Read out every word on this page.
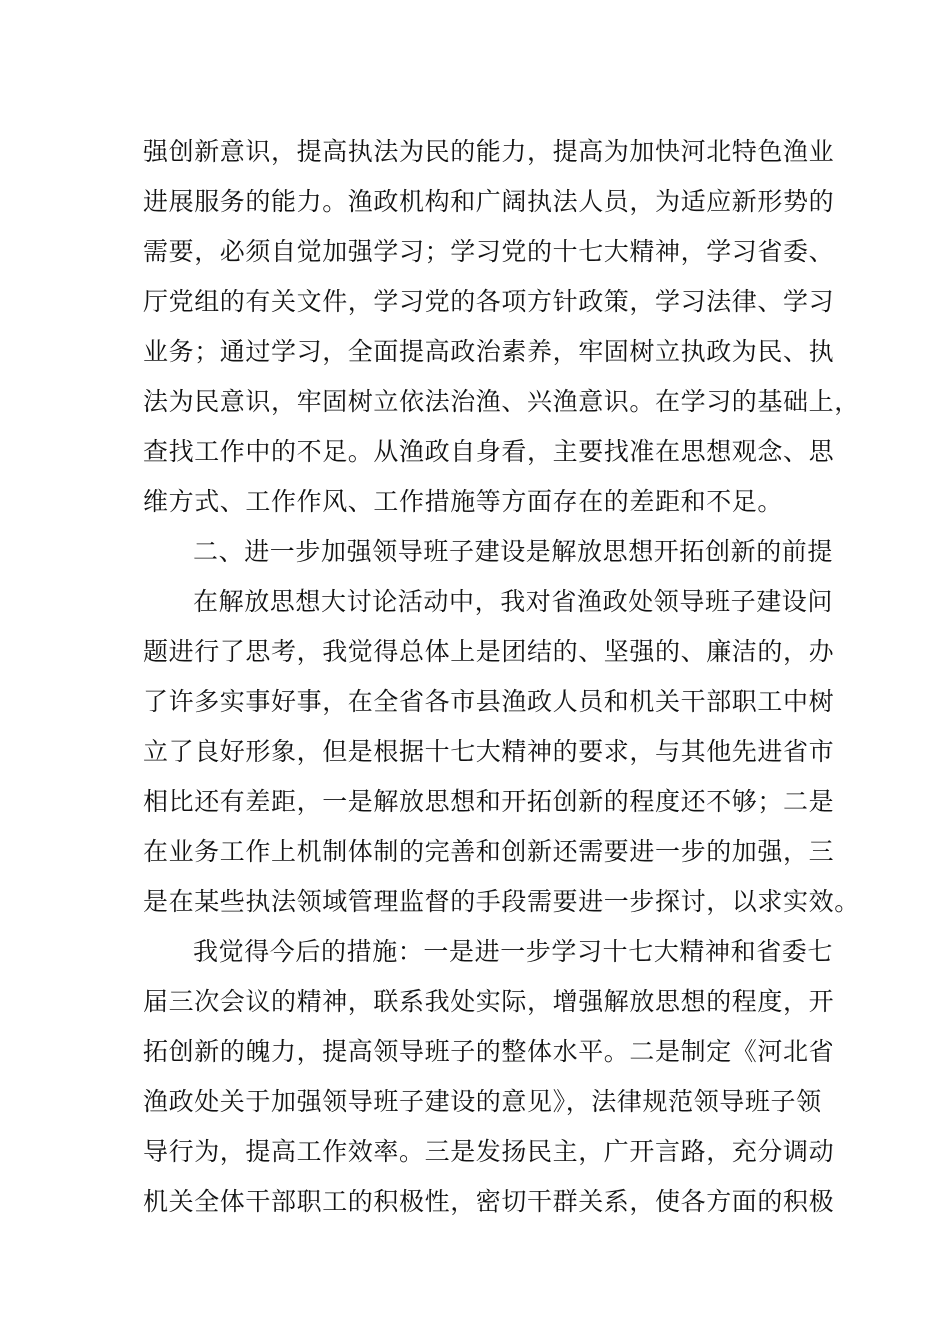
强创新意识，提高执法为民的能力，提高为加快河北特色渔业
进展服务的能力。渔政机构和广阔执法人员，为适应新形势的
需要，必须自觉加强学习；学习党的十七大精神，学习省委、
厅党组的有关文件，学习党的各项方针政策，学习法律、学习
业务；通过学习，全面提高政治素养，牢固树立执政为民、执
法为民意识，牢固树立依法治渔、兴渔意识。在学习的基础上，
查找工作中的不足。从渔政自身看，主要找准在思想观念、思
维方式、工作作风、工作措施等方面存在的差距和不足。
二、进一步加强领导班子建设是解放思想开拓创新的前提
在解放思想大讨论活动中，我对省渔政处领导班子建设问
题进行了思考，我觉得总体上是团结的、坚强的、廉洁的，办
了许多实事好事，在全省各市县渔政人员和机关干部职工中树
立了良好形象，但是根据十七大精神的要求，与其他先进省市
相比还有差距，一是解放思想和开拓创新的程度还不够；二是
在业务工作上机制体制的完善和创新还需要进一步的加强，三
是在某些执法领域管理监督的手段需要进一步探讨，以求实效。
我觉得今后的措施：一是进一步学习十七大精神和省委七
届三次会议的精神，联系我处实际，增强解放思想的程度，开
拓创新的魄力，提高领导班子的整体水平。二是制定《河北省
渔政处关于加强领导班子建设的意见》，法律规范领导班子领
导行为，提高工作效率。三是发扬民主，广开言路，充分调动
机关全体干部职工的积极性，密切干群关系，使各方面的积极
